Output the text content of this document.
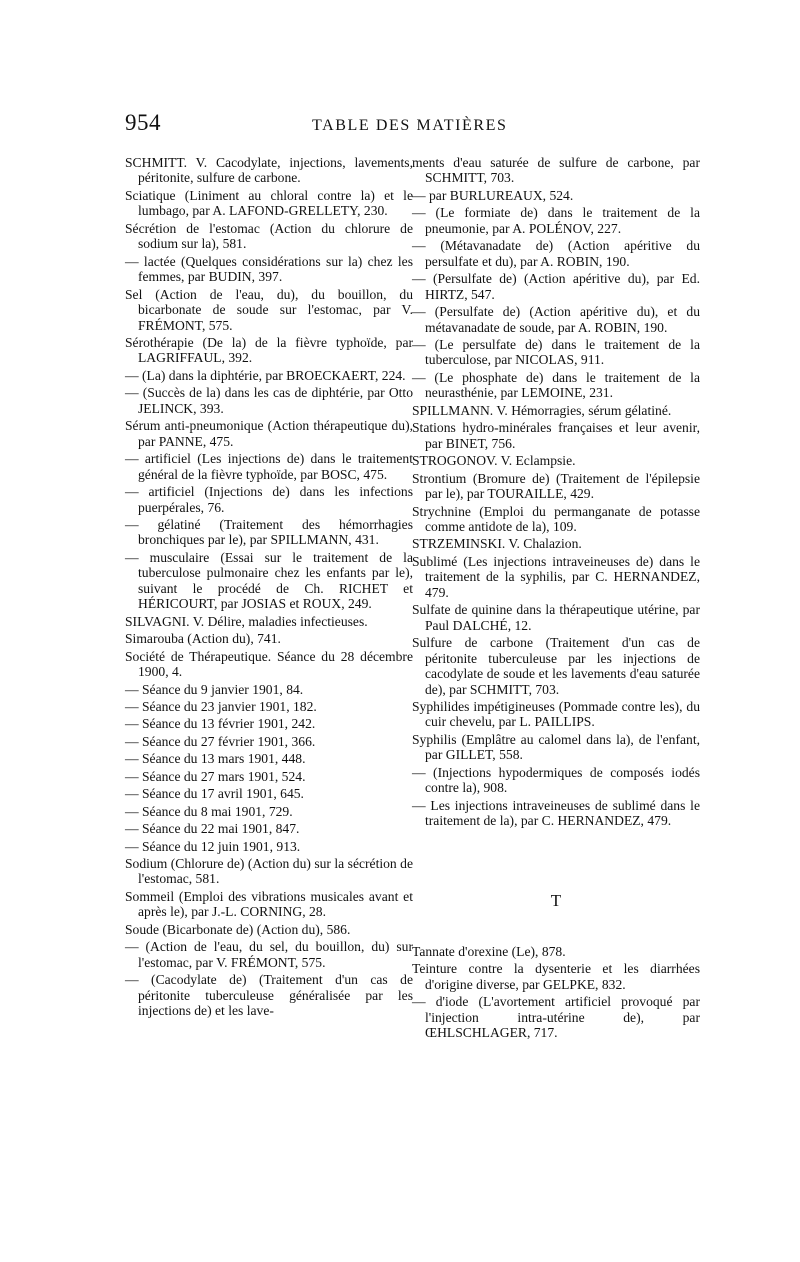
954	TABLE DES MATIÈRES

SCHMITT. V. Cacodylate, injections, lavements, péritonite, sulfure de carbone.

Sciatique (Liniment au chloral contre la) et le lumbago, par A. LAFOND-GRELLETY, 230.

Sécrétion de l'estomac (Action du chlorure de sodium sur la), 581.

— lactée (Quelques considérations sur la) chez les femmes, par BUDIN, 397.

Sel (Action de l'eau, du), du bouillon, du bicarbonate de soude sur l'estomac, par V. FRÉMONT, 575.

Sérothérapie (De la) de la fièvre typhoïde, par LAGRIFFAUL, 392.

— (La) dans la diphtérie, par BROECKAERT, 224.

— (Succès de la) dans les cas de diphtérie, par Otto JELINCK, 393.

Sérum anti-pneumonique (Action thérapeutique du), par PANNE, 475.

— artificiel (Les injections de) dans le traitement général de la fièvre typhoïde, par BOSC, 475.

— artificiel (Injections de) dans les infections puerpérales, 76.

— gélatiné (Traitement des hémorrhagies bronchiques par le), par SPILLMANN, 431.

— musculaire (Essai sur le traitement de la tuberculose pulmonaire chez les enfants par le), suivant le procédé de Ch. RICHET et HÉRICOURT, par JOSIAS et ROUX, 249.

SILVAGNI. V. Délire, maladies infectieuses.

Simarouba (Action du), 741.

Société de Thérapeutique. Séance du 28 décembre 1900, 4.

— Séance du 9 janvier 1901, 84.

— Séance du 23 janvier 1901, 182.

— Séance du 13 février 1901, 242.

— Séance du 27 février 1901, 366.

— Séance du 13 mars 1901, 448.

— Séance du 27 mars 1901, 524.

— Séance du 17 avril 1901, 645.

— Séance du 8 mai 1901, 729.

— Séance du 22 mai 1901, 847.

— Séance du 12 juin 1901, 913.

Sodium (Chlorure de) (Action du) sur la sécrétion de l'estomac, 581.

Sommeil (Emploi des vibrations musicales avant et après le), par J.-L. CORNING, 28.

Soude (Bicarbonate de) (Action du), 586.

— (Action de l'eau, du sel, du bouillon, du) sur l'estomac, par V. FRÉMONT, 575.

— (Cacodylate de) (Traitement d'un cas de péritonite tuberculeuse généralisée par les injections de) et les lave-

ments d'eau saturée de sulfure de carbone, par SCHMITT, 703.

— par BURLUREAUX, 524.

— (Le formiate de) dans le traitement de la pneumonie, par A. POLÉNOV, 227.

— (Métavanadate de) (Action apéritive du persulfate et du), par A. ROBIN, 190.

— (Persulfate de) (Action apéritive du), par Ed. HIRTZ, 547.

— (Persulfate de) (Action apéritive du), et du métavanadate de soude, par A. ROBIN, 190.

— (Le persulfate de) dans le traitement de la tuberculose, par NICOLAS, 911.

— (Le phosphate de) dans le traitement de la neurasthénie, par LEMOINE, 231.

SPILLMANN. V. Hémorragies, sérum gélatiné.

Stations hydro-minérales françaises et leur avenir, par BINET, 756.

STROGONOV. V. Eclampsie.

Strontium (Bromure de) (Traitement de l'épilepsie par le), par TOURAILLE, 429.

Strychnine (Emploi du permanganate de potasse comme antidote de la), 109.

STRZEMINSKI. V. Chalazion.

Sublimé (Les injections intraveineuses de) dans le traitement de la syphilis, par C. HERNANDEZ, 479.

Sulfate de quinine dans la thérapeutique utérine, par Paul DALCHÉ, 12.

Sulfure de carbone (Traitement d'un cas de péritonite tuberculeuse par les injections de cacodylate de soude et les lavements d'eau saturée de), par SCHMITT, 703.

Syphilides impétigineuses (Pommade contre les), du cuir chevelu, par L. PAILLIPS.

Syphilis (Emplâtre au calomel dans la), de l'enfant, par GILLET, 558.

— (Injections hypodermiques de composés iodés contre la), 908.

— Les injections intraveineuses de sublimé dans le traitement de la), par C. HERNANDEZ, 479.

T

Tannate d'orexine (Le), 878.

Teinture contre la dysenterie et les diarrhées d'origine diverse, par GELPKE, 832.

— d'iode (L'avortement artificiel provoqué par l'injection intra-utérine de), par ŒHLSCHLAGER, 717.
